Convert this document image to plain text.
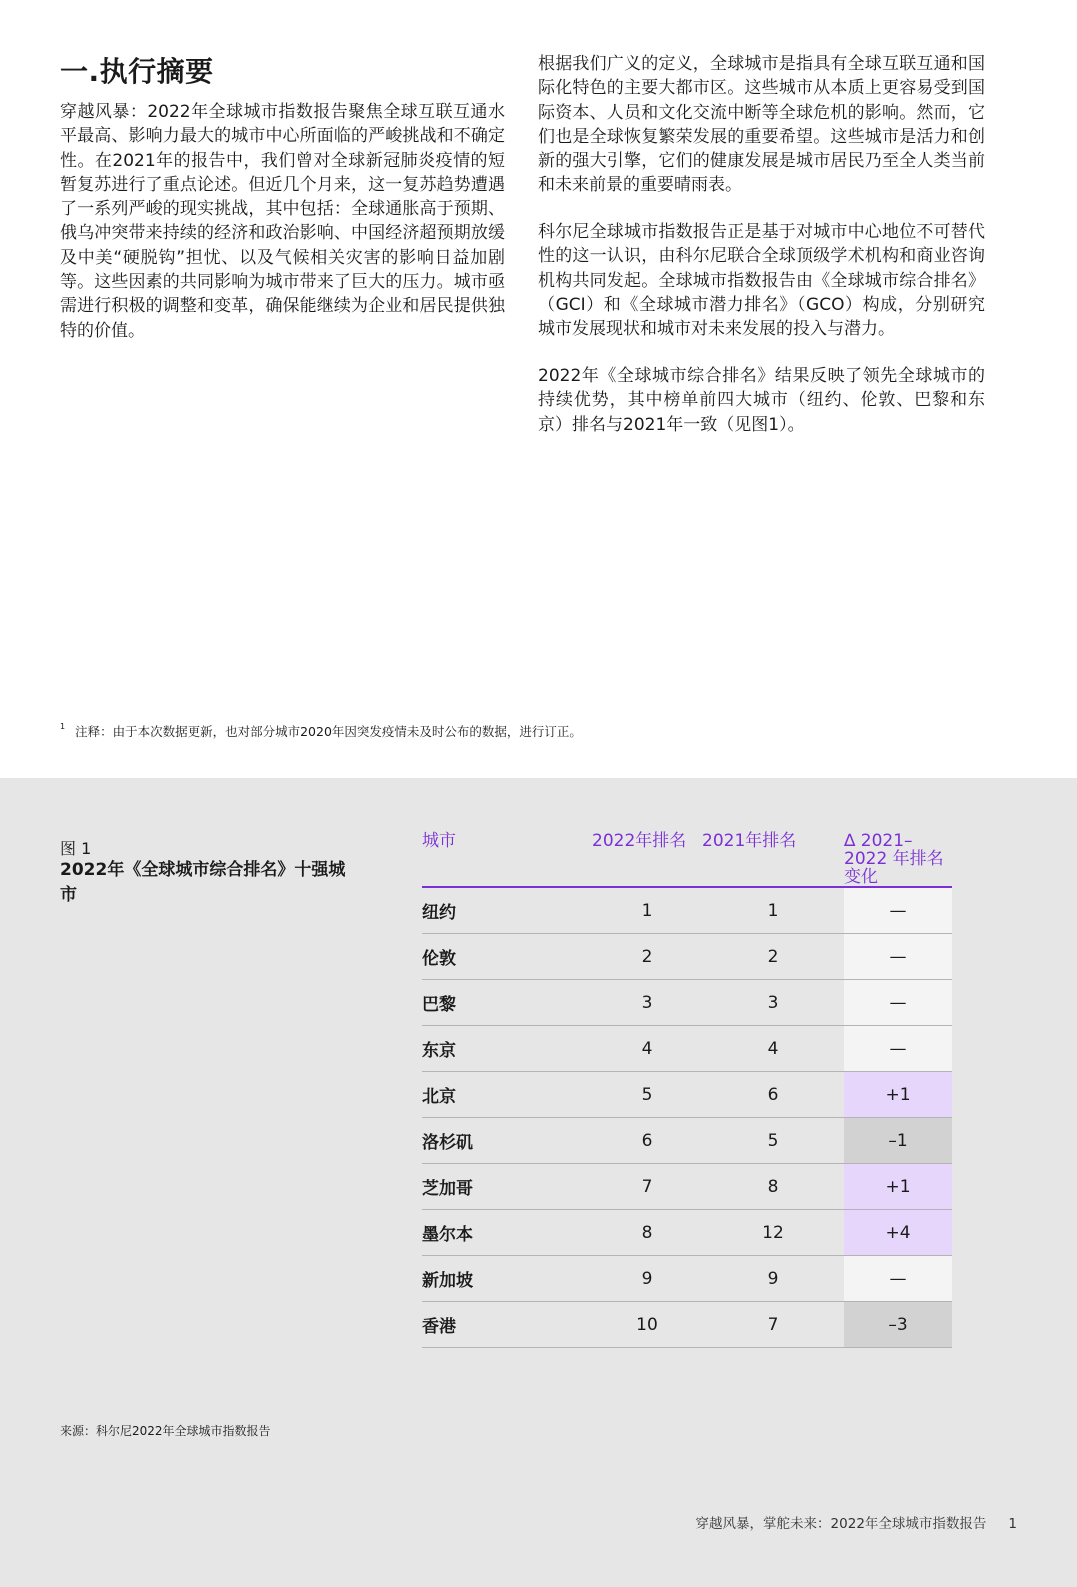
一.执行摘要
穿越风暴：2022年全球城市指数报告聚焦全球互联互通水平最高、影响力最大的城市中心所面临的严峻挑战和不确定性。在2021年的报告中，我们曾对全球新冠肺炎疫情的短暂复苏进行了重点论述。但近几个月来，这一复苏趋势遭遇了一系列严峻的现实挑战，其中包括：全球通胀高于预期、俄乌冲突带来持续的经济和政治影响、中国经济超预期放缓及中美“硬脱钩”担忧、以及气候相关灾害的影响日益加剧等。这些因素的共同影响为城市带来了巨大的压力。城市亟需进行积极的调整和变革，确保能继续为企业和居民提供独特的价值。
根据我们广义的定义，全球城市是指具有全球互联互通和国际化特色的主要大都市区。这些城市从本质上更容易受到国际资本、人员和文化交流中断等全球危机的影响。然而，它们也是全球恢复繁荣发展的重要希望。这些城市是活力和创新的强大引擎，它们的健康发展是城市居民乃至全人类当前和未来前景的重要晴雨表。
科尔尼全球城市指数报告正是基于对城市中心地位不可替代性的这一认识，由科尔尼联合全球顶级学术机构和商业咨询机构共同发起。全球城市指数报告由《全球城市综合排名》（GCI）和《全球城市潜力排名》（GCO）构成，分别研究城市发展现状和城市对未来发展的投入与潜力。
2022年《全球城市综合排名》结果反映了领先全球城市的持续优势，其中榜单前四大城市（纽约、伦敦、巴黎和东京）排名与2021年一致（见图1）。
$^1$ 注释：由于本次数据更新，也对部分城市2020年因突发疫情未及时公布的数据，进行订正。
图 1
2022年《全球城市综合排名》十强城市
城市	2022年排名	2021年排名	∆ 2021–2022 年排名变化
纽约	1	1	—
伦敦	2	2	—
巴黎	3	3	—
东京	4	4	—
北京	5	6	+1
洛杉矶	6	5	–1
芝加哥	7	8	+1
墨尔本	8	12	+4
新加坡	9	9	—
香港	10	7	–3
来源：科尔尼2022年全球城市指数报告
穿越风暴，掌舵未来：2022年全球城市指数报告 1
